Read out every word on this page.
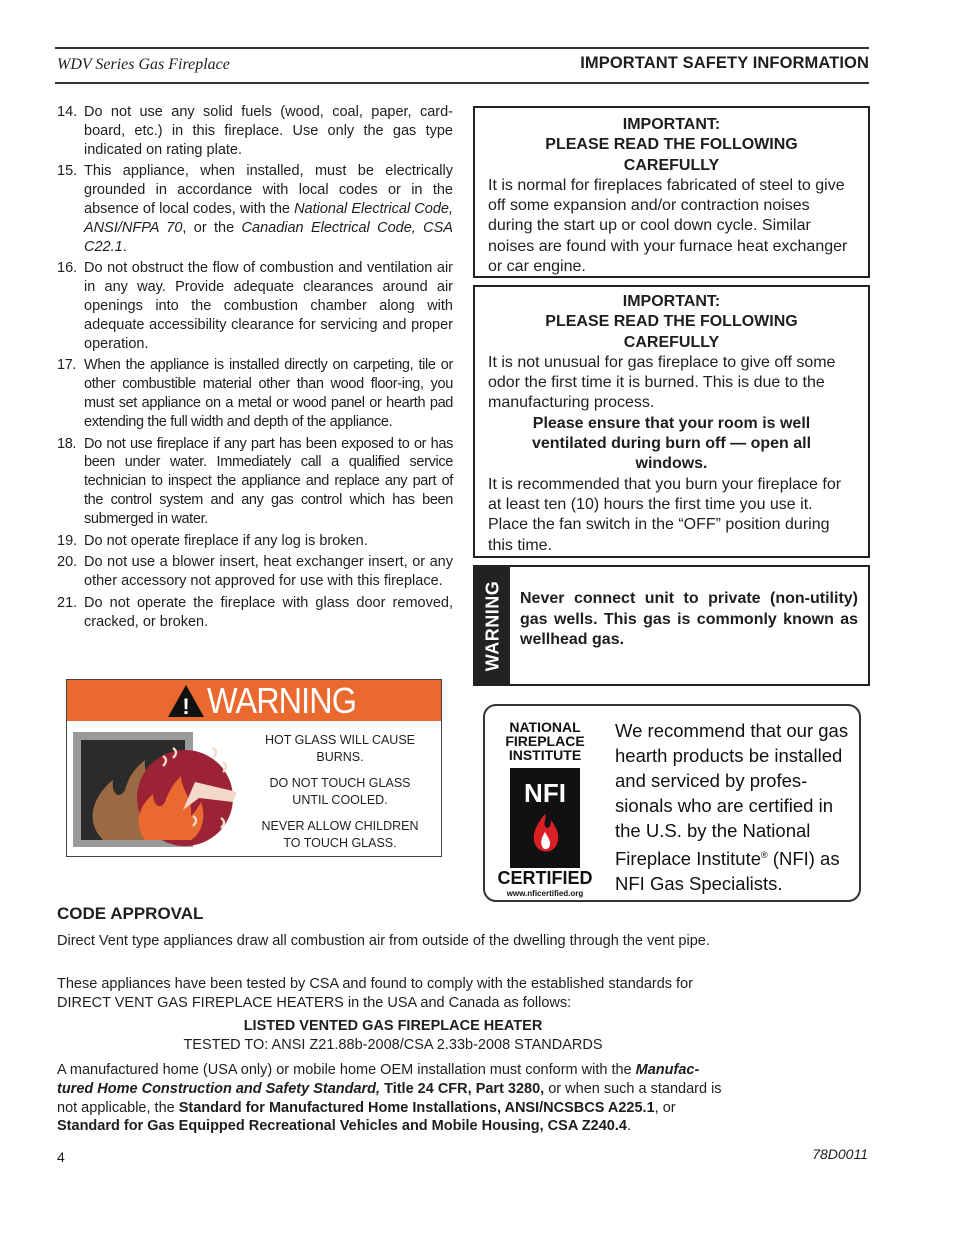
WDV Series Gas Fireplace	IMPORTANT SAFETY INFORMATION
14. Do not use any solid fuels (wood, coal, paper, card-board, etc.) in this fireplace. Use only the gas type indicated on rating plate.
15. This appliance, when installed, must be electrically grounded in accordance with local codes or in the absence of local codes, with the National Electrical Code, ANSI/NFPA 70, or the Canadian Electrical Code, CSA C22.1.
16. Do not obstruct the flow of combustion and ventilation air in any way. Provide adequate clearances around air openings into the combustion chamber along with adequate accessibility clearance for servicing and proper operation.
17. When the appliance is installed directly on carpeting, tile or other combustible material other than wood floor-ing, you must set appliance on a metal or wood panel or hearth pad extending the full width and depth of the appliance.
18. Do not use fireplace if any part has been exposed to or has been under water. Immediately call a qualified service technician to inspect the appliance and replace any part of the control system and any gas control which has been submerged in water.
19. Do not operate fireplace if any log is broken.
20. Do not use a blower insert, heat exchanger insert, or any other accessory not approved for use with this fireplace.
21. Do not operate the fireplace with glass door removed, cracked, or broken.
! WARNING

HOT GLASS WILL CAUSE BURNS.

DO NOT TOUCH GLASS UNTIL COOLED.

NEVER ALLOW CHILDREN TO TOUCH GLASS.

IMPORTANT:
PLEASE READ THE FOLLOWING
CAREFULLY
It is normal for fireplaces fabricated of steel to give off some expansion and/or contraction noises during the start up or cool down cycle. Similar noises are found with your furnace heat exchanger or car engine.
IMPORTANT:
PLEASE READ THE FOLLOWING
CAREFULLY
It is not unusual for gas fireplace to give off some odor the first time it is burned. This is due to the manufacturing process.
Please ensure that your room is well ventilated during burn off — open all windows.
It is recommended that you burn your fireplace for at least ten (10) hours the first time you use it. Place the fan switch in the “OFF” position during this time.
WARNING Never connect unit to private (non-utility) gas wells. This gas is commonly known as wellhead gas.
NATIONAL
FIREPLACE
INSTITUTE
NFI
CERTIFIED
www.nficertified.org
We recommend that our gas hearth products be installed and serviced by profes-sionals who are certified in the U.S. by the National Fireplace Institute® (NFI) as NFI Gas Specialists.
CODE APPROVAL

Direct Vent type appliances draw all combustion air from outside of the dwelling through the vent pipe.

These appliances have been tested by CSA and found to comply with the established standards for DIRECT VENT GAS FIREPLACE HEATERS in the USA and Canada as follows:

LISTED VENTED GAS FIREPLACE HEATER
TESTED TO: ANSI Z21.88b-2008/CSA 2.33b-2008 STANDARDS

A manufactured home (USA only) or mobile home OEM installation must conform with the Manufac-tured Home Construction and Safety Standard, Title 24 CFR, Part 3280, or when such a standard is not applicable, the Standard for Manufactured Home Installations, ANSI/NCSBCS A225.1, or Standard for Gas Equipped Recreational Vehicles and Mobile Housing, CSA Z240.4.

4	78D0011
